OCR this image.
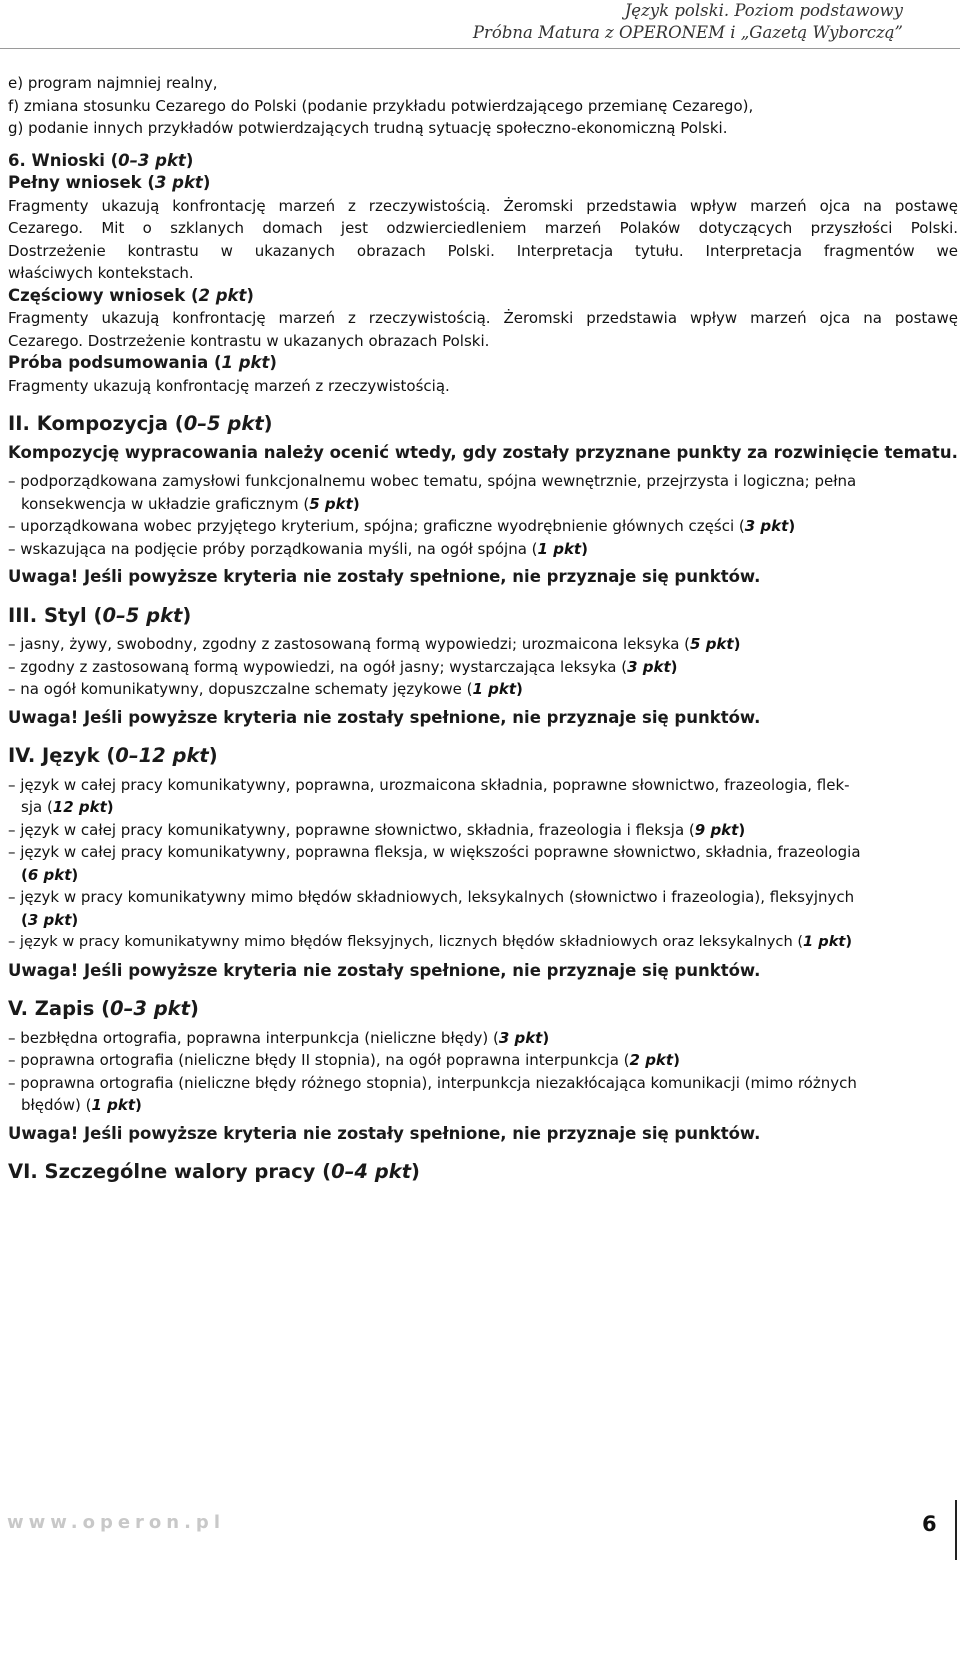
Język polski. Poziom podstawowy
Próbna Matura z OPERONEM i „Gazetą Wyborczą”
e) program najmniej realny,
f) zmiana stosunku Cezarego do Polski (podanie przykładu potwierdzającego przemianę Cezarego),
g) podanie innych przykładów potwierdzających trudną sytuację społeczno-ekonomiczną Polski.
6. Wnioski (0–3 pkt)
Pełny wniosek (3 pkt)
Fragmenty ukazują konfrontację marzeń z rzeczywistością. Żeromski przedstawia wpływ marzeń ojca na postawę
Cezarego. Mit o szklanych domach jest odzwierciedleniem marzeń Polaków dotyczących przyszłości Polski.
Dostrzeżenie kontrastu w ukazanych obrazach Polski. Interpretacja tytułu. Interpretacja fragmentów we
właściwych kontekstach.
Częściowy wniosek (2 pkt)
Fragmenty ukazują konfrontację marzeń z rzeczywistością. Żeromski przedstawia wpływ marzeń ojca na postawę
Cezarego. Dostrzeżenie kontrastu w ukazanych obrazach Polski.
Próba podsumowania (1 pkt)
Fragmenty ukazują konfrontację marzeń z rzeczywistością.
II. Kompozycja (0–5 pkt)
Kompozycję wypracowania należy ocenić wtedy, gdy zostały przyznane punkty za rozwinięcie tematu.
– podporządkowana zamysłowi funkcjonalnemu wobec tematu, spójna wewnętrznie, przejrzysta i logiczna; pełna
konsekwencja w układzie graficznym (5 pkt)
– uporządkowana wobec przyjętego kryterium, spójna; graficzne wyodrębnienie głównych części (3 pkt)
– wskazująca na podjęcie próby porządkowania myśli, na ogół spójna (1 pkt)
Uwaga! Jeśli powyższe kryteria nie zostały spełnione, nie przyznaje się punktów.
III. Styl (0–5 pkt)
– jasny, żywy, swobodny, zgodny z zastosowaną formą wypowiedzi; urozmaicona leksyka (5 pkt)
– zgodny z zastosowaną formą wypowiedzi, na ogół jasny; wystarczająca leksyka (3 pkt)
– na ogół komunikatywny, dopuszczalne schematy językowe (1 pkt)
Uwaga! Jeśli powyższe kryteria nie zostały spełnione, nie przyznaje się punktów.
IV. Język (0–12 pkt)
– język w całej pracy komunikatywny, poprawna, urozmaicona składnia, poprawne słownictwo, frazeologia, flek-
sja (12 pkt)
– język w całej pracy komunikatywny, poprawne słownictwo, składnia, frazeologia i fleksja (9 pkt)
– język w całej pracy komunikatywny, poprawna fleksja, w większości poprawne słownictwo, składnia, frazeologia
(6 pkt)
– język w pracy komunikatywny mimo błędów składniowych, leksykalnych (słownictwo i frazeologia), fleksyjnych
(3 pkt)
– język w pracy komunikatywny mimo błędów fleksyjnych, licznych błędów składniowych oraz leksykalnych (1 pkt)
Uwaga! Jeśli powyższe kryteria nie zostały spełnione, nie przyznaje się punktów.
V. Zapis (0–3 pkt)
– bezbłędna ortografia, poprawna interpunkcja (nieliczne błędy) (3 pkt)
– poprawna ortografia (nieliczne błędy II stopnia), na ogół poprawna interpunkcja (2 pkt)
– poprawna ortografia (nieliczne błędy różnego stopnia), interpunkcja niezakłócająca komunikacji (mimo różnych
błędów) (1 pkt)
Uwaga! Jeśli powyższe kryteria nie zostały spełnione, nie przyznaje się punktów.
VI. Szczególne walory pracy (0–4 pkt)
www.operon.pl	6
